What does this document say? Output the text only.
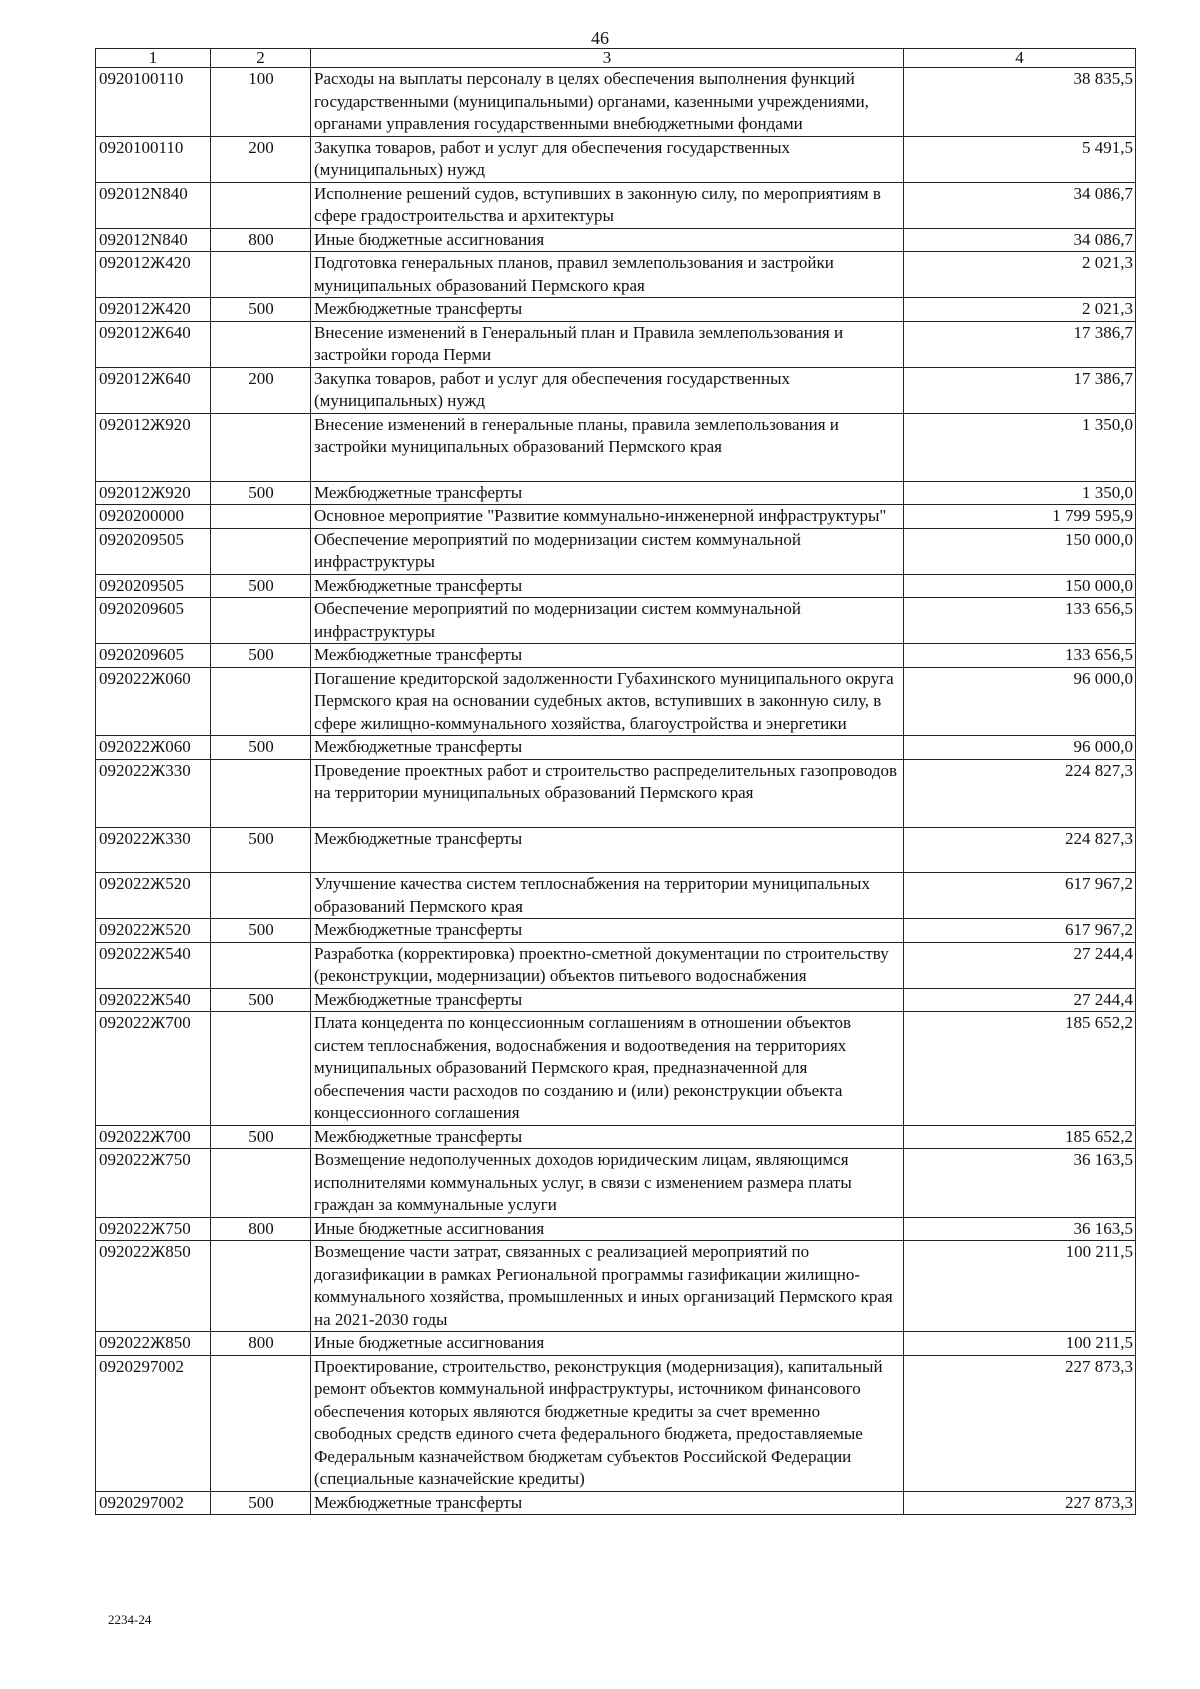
46
1	2	3	4
0920100110	100	Расходы на выплаты персоналу в целях обеспечения выполнения функций государственными (муниципальными) органами, казенными учреждениями, органами управления государственными внебюджетными фондами	38 835,5
0920100110	200	Закупка товаров, работ и услуг для обеспечения государственных (муниципальных) нужд	5 491,5
092012N840		Исполнение решений судов, вступивших в законную силу, по мероприятиям в сфере градостроительства и архитектуры	34 086,7
092012N840	800	Иные бюджетные ассигнования	34 086,7
092012Ж420		Подготовка генеральных планов, правил землепользования и застройки муниципальных образований Пермского края	2 021,3
092012Ж420	500	Межбюджетные трансферты	2 021,3
092012Ж640		Внесение изменений в Генеральный план и Правила землепользования и застройки города Перми	17 386,7
092012Ж640	200	Закупка товаров, работ и услуг для обеспечения государственных (муниципальных) нужд	17 386,7
092012Ж920		Внесение изменений в генеральные планы, правила землепользования и застройки муниципальных образований Пермского края	1 350,0
092012Ж920	500	Межбюджетные трансферты	1 350,0
0920200000		Основное мероприятие "Развитие коммунально-инженерной инфраструктуры"	1 799 595,9
0920209505		Обеспечение мероприятий по модернизации систем коммунальной инфраструктуры	150 000,0
0920209505	500	Межбюджетные трансферты	150 000,0
0920209605		Обеспечение мероприятий по модернизации систем коммунальной инфраструктуры	133 656,5
0920209605	500	Межбюджетные трансферты	133 656,5
092022Ж060		Погашение кредиторской задолженности Губахинского муниципального округа Пермского края на основании судебных актов, вступивших в законную силу, в сфере жилищно-коммунального хозяйства, благоустройства и энергетики	96 000,0
092022Ж060	500	Межбюджетные трансферты	96 000,0
092022Ж330		Проведение проектных работ и строительство распределительных газопроводов на территории муниципальных образований Пермского края	224 827,3
092022Ж330	500	Межбюджетные трансферты	224 827,3
092022Ж520		Улучшение качества систем теплоснабжения на территории муниципальных образований Пермского края	617 967,2
092022Ж520	500	Межбюджетные трансферты	617 967,2
092022Ж540		Разработка (корректировка) проектно-сметной документации по строительству (реконструкции, модернизации) объектов питьевого водоснабжения	27 244,4
092022Ж540	500	Межбюджетные трансферты	27 244,4
092022Ж700		Плата концедента по концессионным соглашениям в отношении объектов систем теплоснабжения, водоснабжения и водоотведения на территориях муниципальных образований Пермского края, предназначенной для обеспечения части расходов по созданию и (или) реконструкции объекта концессионного соглашения	185 652,2
092022Ж700	500	Межбюджетные трансферты	185 652,2
092022Ж750		Возмещение недополученных доходов юридическим лицам, являющимся исполнителями коммунальных услуг, в связи с изменением размера платы граждан за коммунальные услуги	36 163,5
092022Ж750	800	Иные бюджетные ассигнования	36 163,5
092022Ж850		Возмещение части затрат, связанных с реализацией мероприятий по догазификации в рамках Региональной программы газификации жилищно-коммунального хозяйства, промышленных и иных организаций Пермского края на 2021-2030 годы	100 211,5
092022Ж850	800	Иные бюджетные ассигнования	100 211,5
0920297002		Проектирование, строительство, реконструкция (модернизация), капитальный ремонт объектов коммунальной инфраструктуры, источником финансового обеспечения которых являются бюджетные кредиты за счет временно свободных средств единого счета федерального бюджета, предоставляемые Федеральным казначейством бюджетам субъектов Российской Федерации (специальные казначейские кредиты)	227 873,3
0920297002	500	Межбюджетные трансферты	227 873,3
2234-24
